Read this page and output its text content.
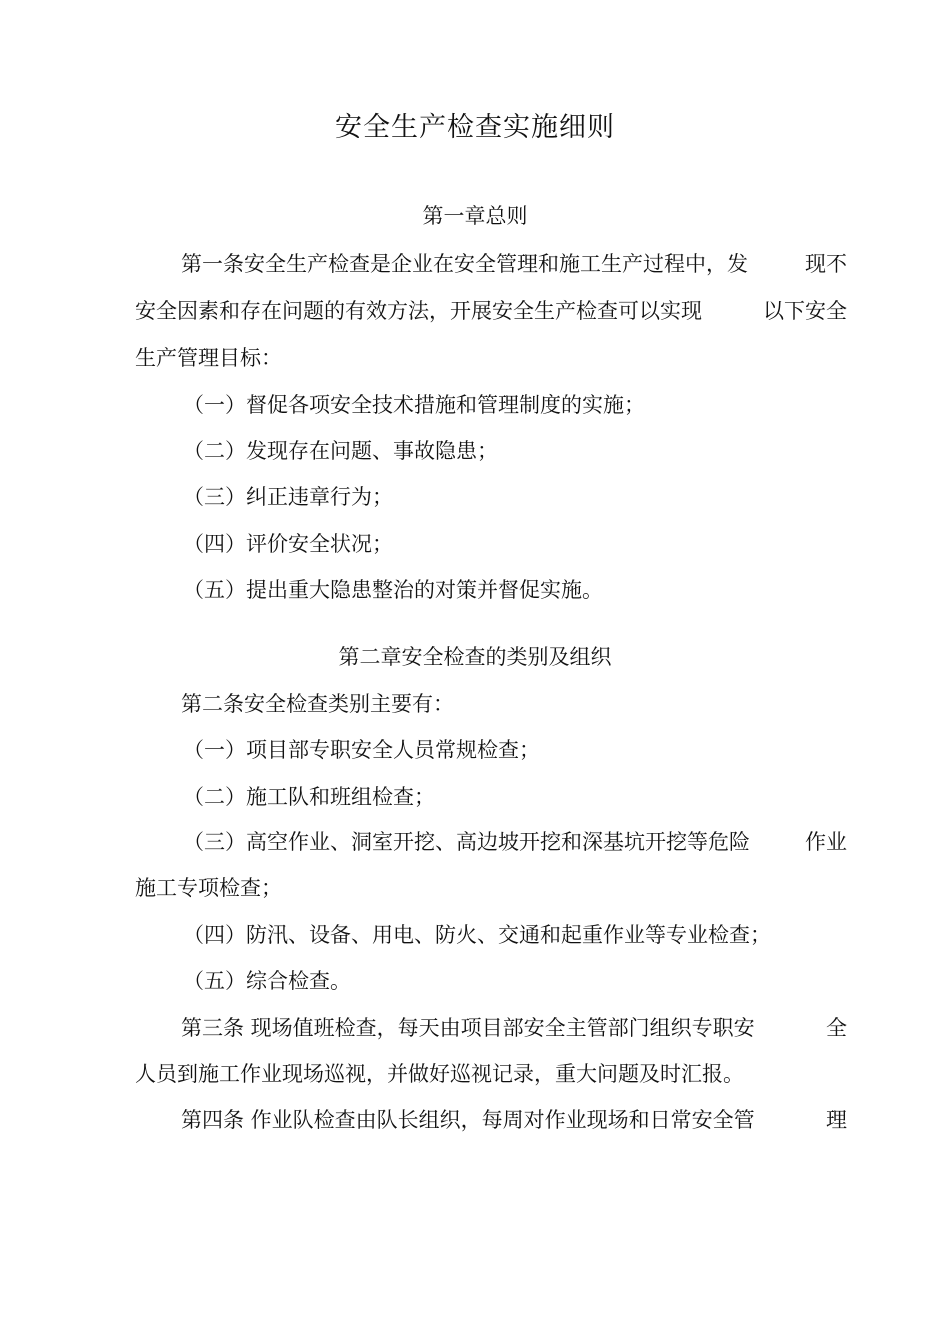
安全生产检查实施细则
第一章总则
第一条安全生产检查是企业在安全管理和施工生产过程中，发	现不
安全因素和存在问题的有效方法，开展安全生产检查可以实现	以下安全
生产管理目标：
（一）督促各项安全技术措施和管理制度的实施；
（二）发现存在问题、事故隐患；
（三）纠正违章行为；
（四）评价安全状况；
（五）提出重大隐患整治的对策并督促实施。
第二章安全检查的类别及组织
第二条安全检查类别主要有：
（一）项目部专职安全人员常规检查；
（二）施工队和班组检查；
（三）高空作业、洞室开挖、高边坡开挖和深基坑开挖等危险	作业
施工专项检查；
（四）防汛、设备、用电、防火、交通和起重作业等专业检查；
（五）综合检查。
第三条 现场值班检查，每天由项目部安全主管部门组织专职安	全
人员到施工作业现场巡视，并做好巡视记录，重大问题及时汇报。
第四条 作业队检查由队长组织，每周对作业现场和日常安全管	理
